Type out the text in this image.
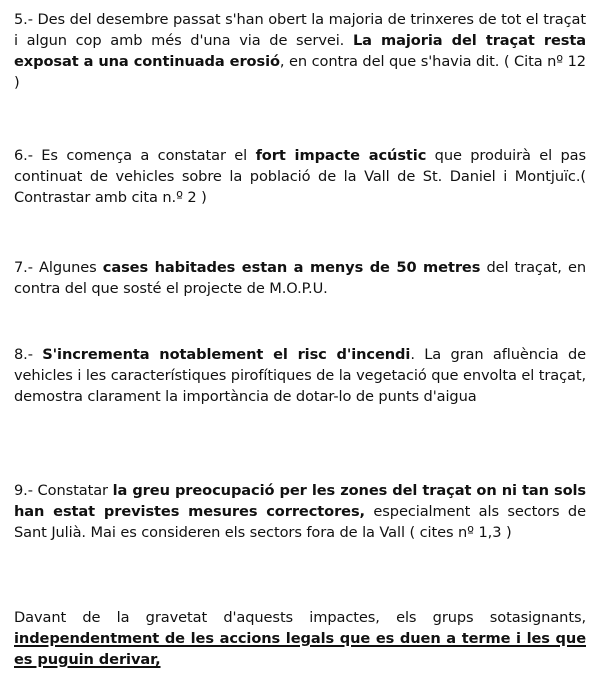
5.- Des del desembre passat s'han obert la majoria de trinxeres de tot el traçat i algun cop amb més d'una via de servei. La majoria del traçat resta exposat a una continuada erosió, en contra del que s'havia dit. ( Cita nº 12 )

6.- Es comença a constatar el fort impacte acústic que produirà el pas continuat de vehicles sobre la població de la Vall de St. Daniel i Montjuïc.( Contrastar amb cita n.º 2 )

7.- Algunes cases habitades estan a menys de 50 metres del traçat, en contra del que sosté el projecte de M.O.P.U.

8.- S'incrementa notablement el risc d'incendi. La gran afluència de vehicles i les característiques pirofítiques de la vegetació que envolta el traçat, demostra clarament la importància de dotar-lo de punts d'aigua

9.- Constatar la greu preocupació per les zones del traçat on ni tan sols han estat previstes mesures correctores, especialment als sectors de Sant Julià. Mai es consideren els sectors fora de la Vall ( cites nº 1,3 )

Davant de la gravetat d'aquests impactes, els grups sotasignants, independentment de les accions legals que es duen a terme i les que es puguin derivar,
